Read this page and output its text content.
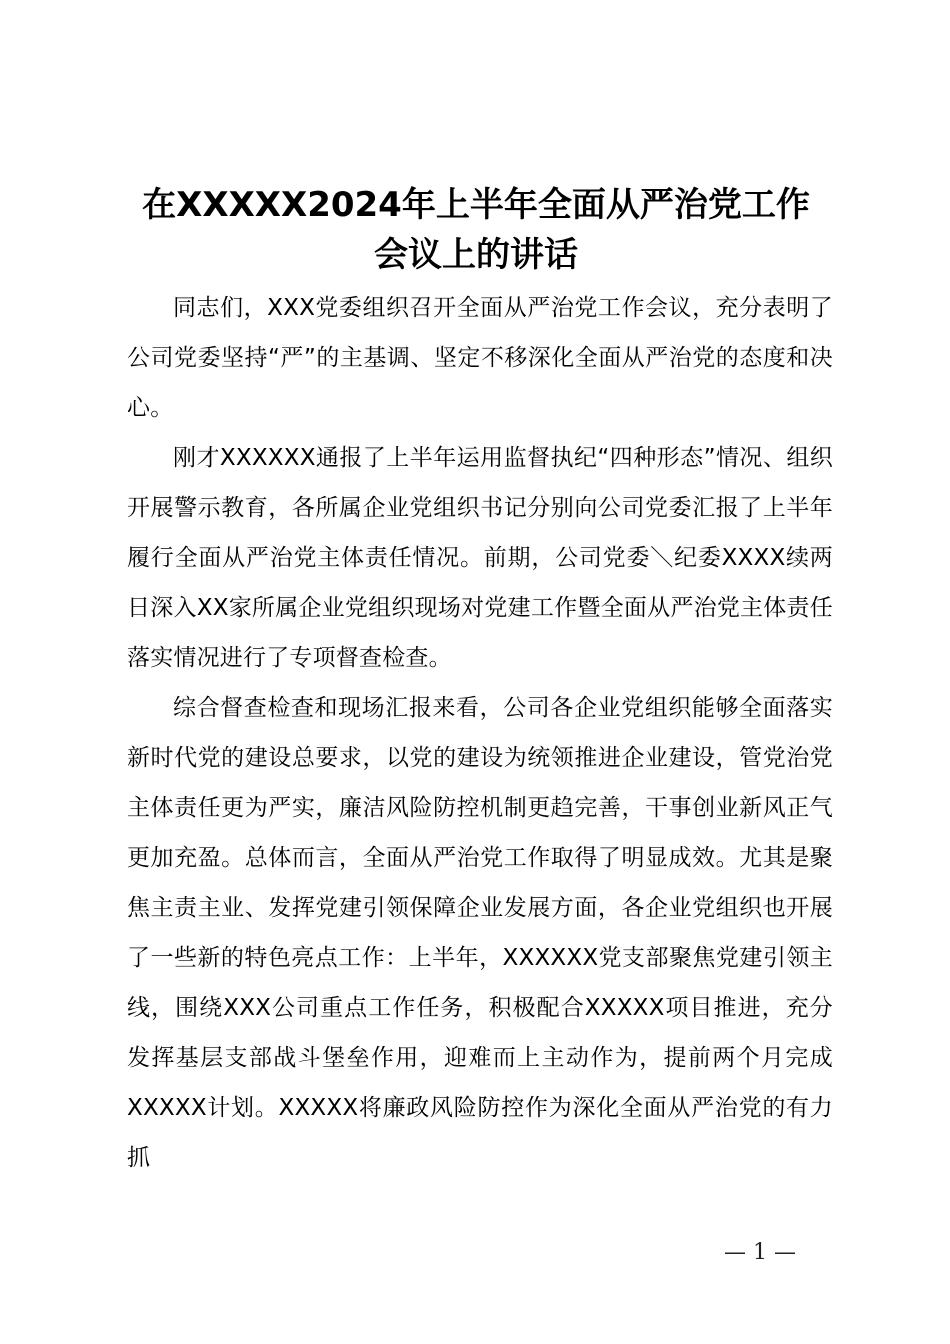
在XXXXX2024年上半年全面从严治党工作
会议上的讲话

同志们，XXX党委组织召开全面从严治党工作会议，充分表明了公司党委坚持“严”的主基调、坚定不移深化全面从严治党的态度和决心。

刚才XXXXXX通报了上半年运用监督执纪“四种形态”情况、组织开展警示教育，各所属企业党组织书记分别向公司党委汇报了上半年履行全面从严治党主体责任情况。前期，公司党委＼纪委XXXX续两日深入XX家所属企业党组织现场对党建工作暨全面从严治党主体责任落实情况进行了专项督查检查。

综合督查检查和现场汇报来看，公司各企业党组织能够全面落实新时代党的建设总要求，以党的建设为统领推进企业建设，管党治党主体责任更为严实，廉洁风险防控机制更趋完善，干事创业新风正气更加充盈。总体而言，全面从严治党工作取得了明显成效。尤其是聚焦主责主业、发挥党建引领保障企业发展方面，各企业党组织也开展了一些新的特色亮点工作：上半年，XXXXXX党支部聚焦党建引领主线，围绕XXX公司重点工作任务，积极配合XXXXX项目推进，充分发挥基层支部战斗堡垒作用，迎难而上主动作为，提前两个月完成XXXXX计划。XXXXX将廉政风险防控作为深化全面从严治党的有力抓

— 1 —
